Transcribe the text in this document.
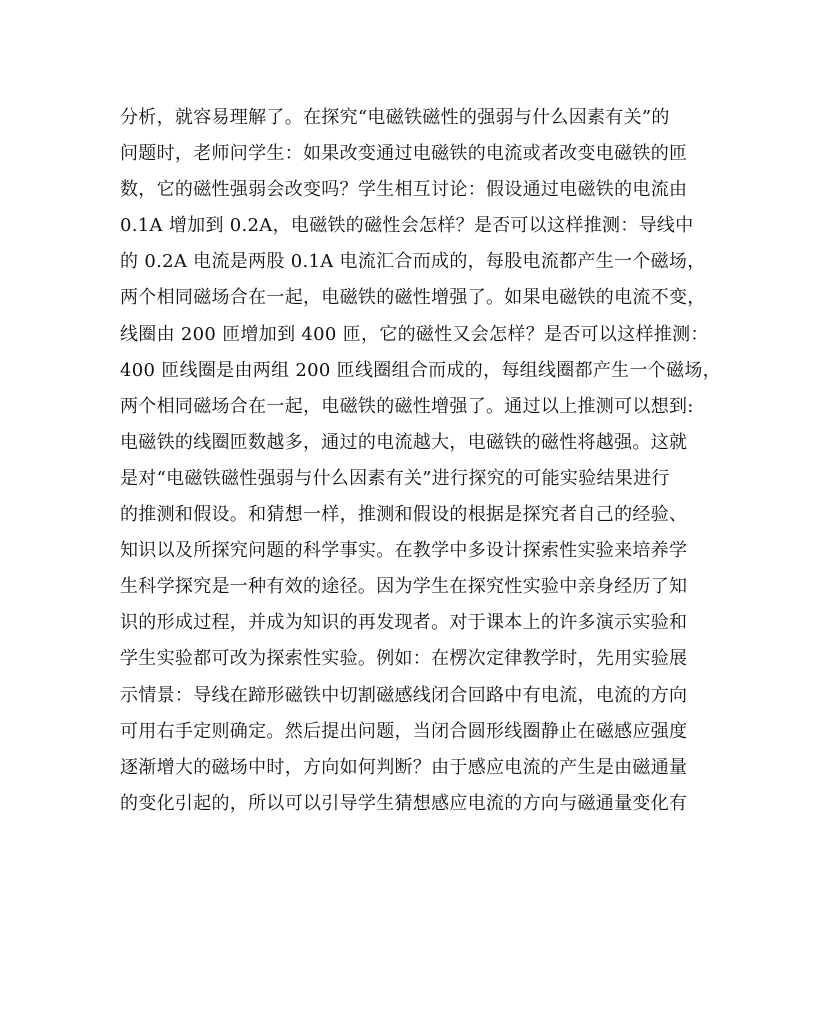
分析，就容易理解了。在探究“电磁铁磁性的强弱与什么因素有关”的
问题时，老师问学生：如果改变通过电磁铁的电流或者改变电磁铁的匝
数，它的磁性强弱会改变吗？学生相互讨论：假设通过电磁铁的电流由
0.1A 增加到 0.2A，电磁铁的磁性会怎样？是否可以这样推测：导线中
的 0.2A 电流是两股 0.1A 电流汇合而成的，每股电流都产生一个磁场，
两个相同磁场合在一起，电磁铁的磁性增强了。如果电磁铁的电流不变，
线圈由 200 匝增加到 400 匝，它的磁性又会怎样？是否可以这样推测：
400 匝线圈是由两组 200 匝线圈组合而成的，每组线圈都产生一个磁场，
两个相同磁场合在一起，电磁铁的磁性增强了。通过以上推测可以想到:
电磁铁的线圈匝数越多，通过的电流越大，电磁铁的磁性将越强。这就
是对“电磁铁磁性强弱与什么因素有关”进行探究的可能实验结果进行
的推测和假设。和猜想一样，推测和假设的根据是探究者自己的经验、
知识以及所探究问题的科学事实。在教学中多设计探索性实验来培养学
生科学探究是一种有效的途径。因为学生在探究性实验中亲身经历了知
识的形成过程，并成为知识的再发现者。对于课本上的许多演示实验和
学生实验都可改为探索性实验。例如：在楞次定律教学时，先用实验展
示情景：导线在蹄形磁铁中切割磁感线闭合回路中有电流，电流的方向
可用右手定则确定。然后提出问题，当闭合圆形线圈静止在磁感应强度
逐渐增大的磁场中时，方向如何判断？由于感应电流的产生是由磁通量
的变化引起的，所以可以引导学生猜想感应电流的方向与磁通量变化有
